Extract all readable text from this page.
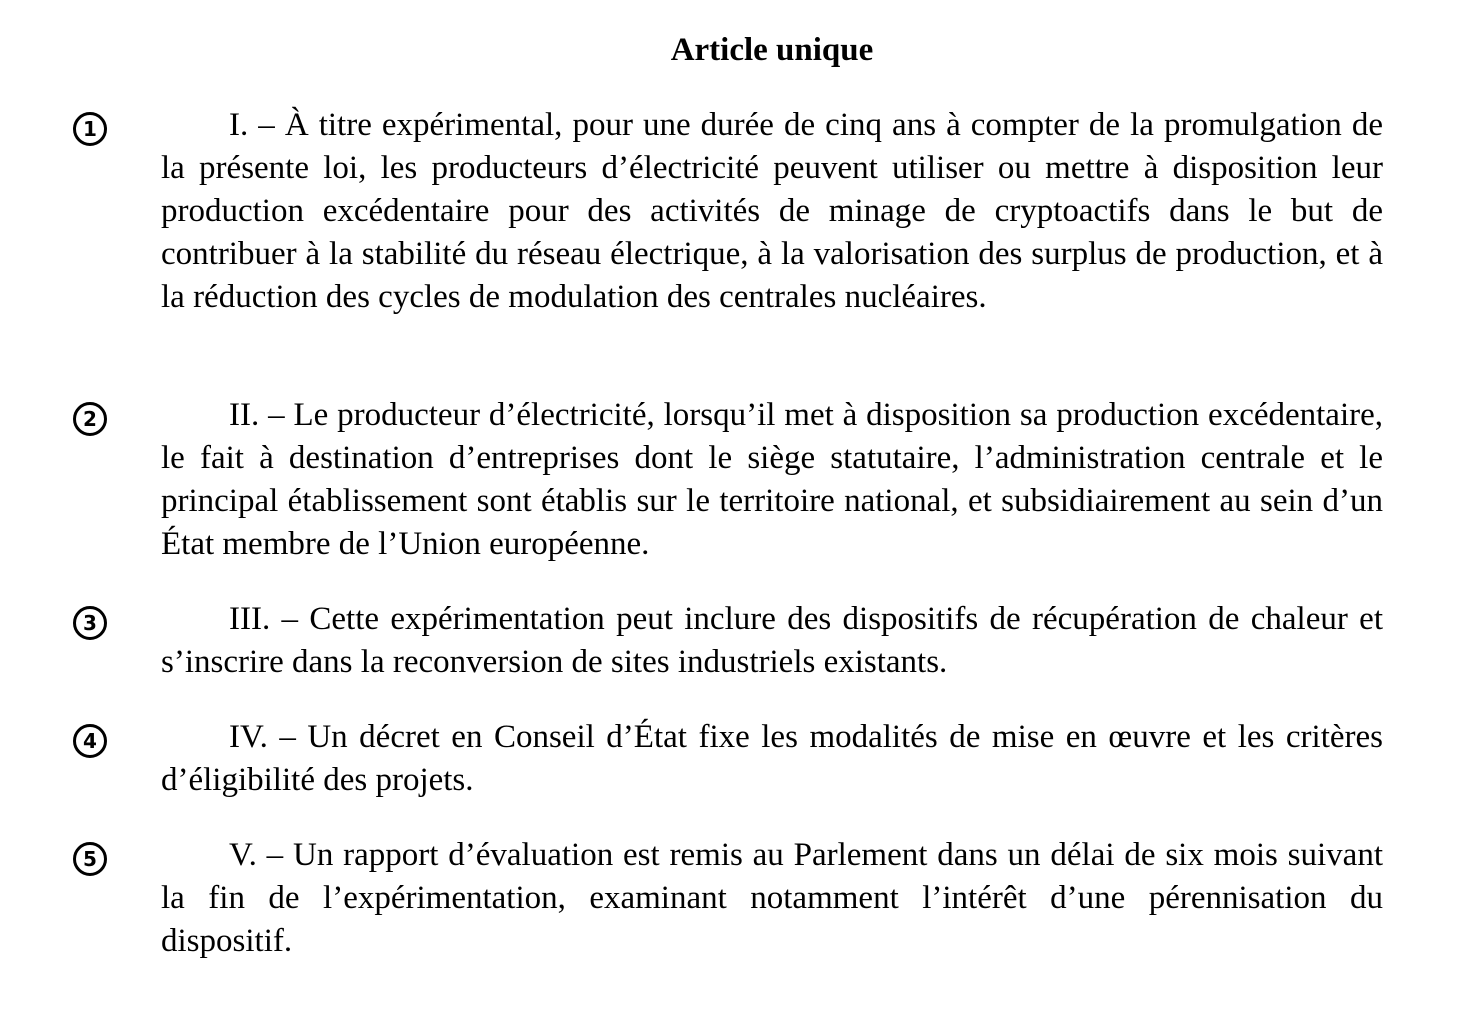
Article unique
1	I. – À titre expérimental, pour une durée de cinq ans à compter de la promulgation de la présente loi, les producteurs d’électricité peuvent utiliser ou mettre à disposition leur production excédentaire pour des activités de minage de cryptoactifs dans le but de contribuer à la stabilité du réseau électrique, à la valorisation des surplus de production, et à la réduction des cycles de modulation des centrales nucléaires.

2	II. – Le producteur d’électricité, lorsqu’il met à disposition sa production excédentaire, le fait à destination d’entreprises dont le siège statutaire, l’administration centrale et le principal établissement sont établis sur le territoire national, et subsidiairement au sein d’un État membre de l’Union européenne.

3	III. – Cette expérimentation peut inclure des dispositifs de récupération de chaleur et s’inscrire dans la reconversion de sites industriels existants.

4	IV. – Un décret en Conseil d’État fixe les modalités de mise en œuvre et les critères d’éligibilité des projets.

5	V. – Un rapport d’évaluation est remis au Parlement dans un délai de six mois suivant la fin de l’expérimentation, examinant notamment l’intérêt d’une pérennisation du dispositif.
